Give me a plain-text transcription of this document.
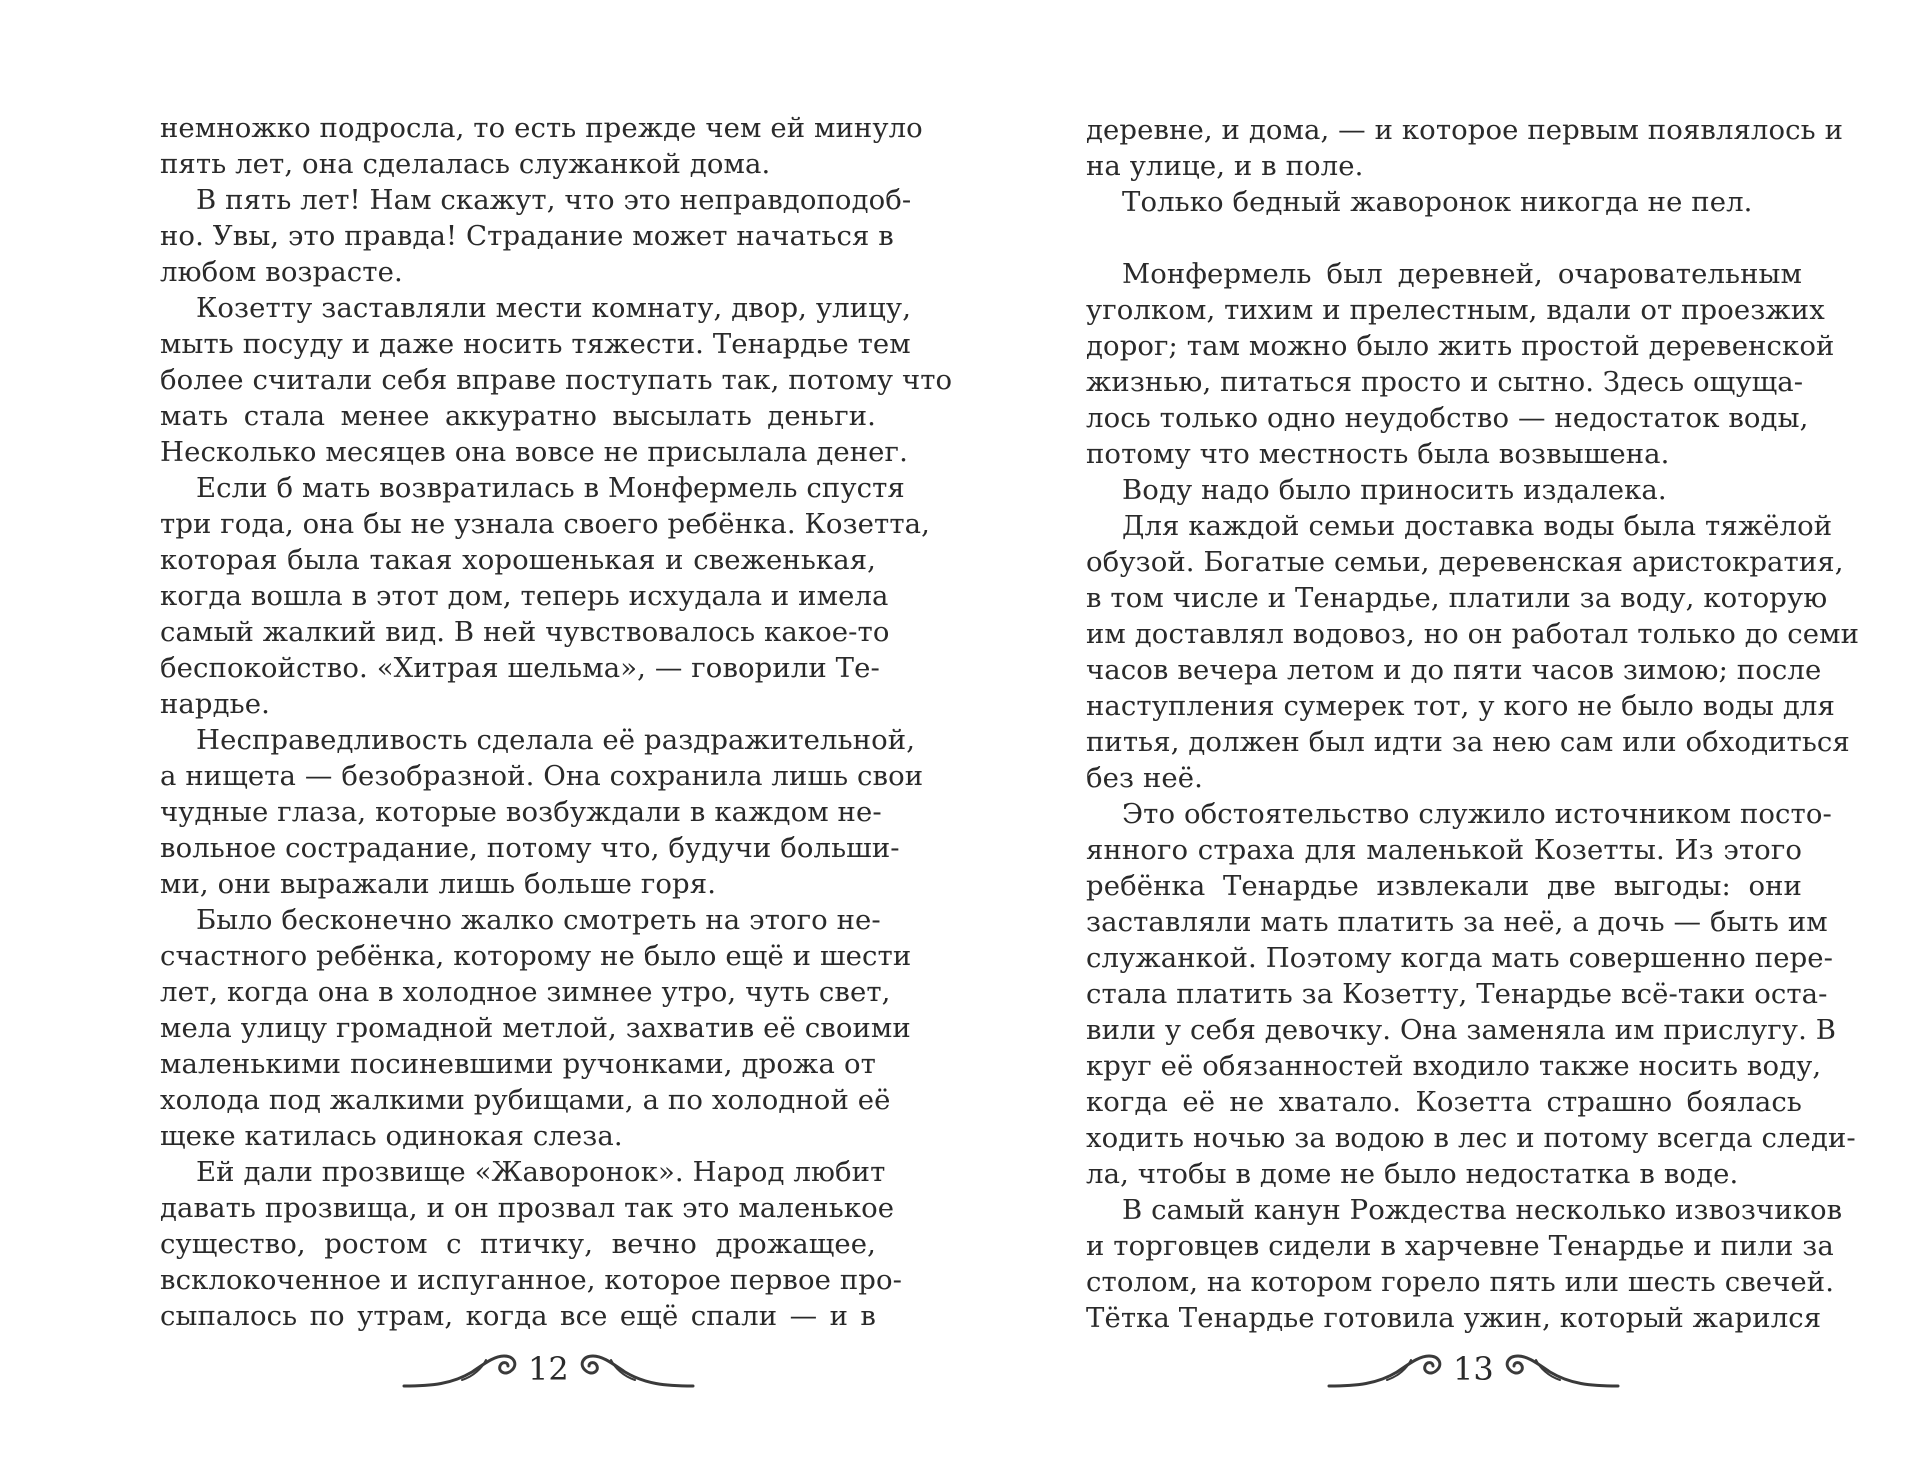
немножко подросла, то есть прежде чем ей минуло
пять лет, она сделалась служанкой дома.
В пять лет! Нам скажут, что это неправдоподоб-
но. Увы, это правда! Страдание может начаться в
любом возрасте.
Козетту заставляли мести комнату, двор, улицу,
мыть посуду и даже носить тяжести. Тенардье тем
более считали себя вправе поступать так, потому что
мать стала менее аккуратно высылать деньги.
Несколько месяцев она вовсе не присылала денег.
Если б мать возвратилась в Монфермель спустя
три года, она бы не узнала своего ребёнка. Козетта,
которая была такая хорошенькая и свеженькая,
когда вошла в этот дом, теперь исхудала и имела
самый жалкий вид. В ней чувствовалось какое-то
беспокойство. «Хитрая шельма», — говорили Те-
нардье.
Несправедливость сделала её раздражительной,
а нищета — безобразной. Она сохранила лишь свои
чудные глаза, которые возбуждали в каждом не-
вольное сострадание, потому что, будучи больши-
ми, они выражали лишь больше горя.
Было бесконечно жалко смотреть на этого не-
счастного ребёнка, которому не было ещё и шести
лет, когда она в холодное зимнее утро, чуть свет,
мела улицу громадной метлой, захватив её своими
маленькими посиневшими ручонками, дрожа от
холода под жалкими рубищами, а по холодной её
щеке катилась одинокая слеза.
Ей дали прозвище «Жаворонок». Народ любит
давать прозвища, и он прозвал так это маленькое
существо, ростом с птичку, вечно дрожащее,
всклокоченное и испуганное, которое первое про-
сыпалось по утрам, когда все ещё спали — и в
деревне, и дома, — и которое первым появлялось и
на улице, и в поле.
Только бедный жаворонок никогда не пел.
Монфермель был деревней, очаровательным
уголком, тихим и прелестным, вдали от проезжих
дорог; там можно было жить простой деревенской
жизнью, питаться просто и сытно. Здесь ощуща-
лось только одно неудобство — недостаток воды,
потому что местность была возвышена.
Воду надо было приносить издалека.
Для каждой семьи доставка воды была тяжёлой
обузой. Богатые семьи, деревенская аристократия,
в том числе и Тенардье, платили за воду, которую
им доставлял водовоз, но он работал только до семи
часов вечера летом и до пяти часов зимою; после
наступления сумерек тот, у кого не было воды для
питья, должен был идти за нею сам или обходиться
без неё.
Это обстоятельство служило источником посто-
янного страха для маленькой Козетты. Из этого
ребёнка Тенардье извлекали две выгоды: они
заставляли мать платить за неё, а дочь — быть им
служанкой. Поэтому когда мать совершенно пере-
стала платить за Козетту, Тенардье всё-таки оста-
вили у себя девочку. Она заменяла им прислугу. В
круг её обязанностей входило также носить воду,
когда её не хватало. Козетта страшно боялась
ходить ночью за водою в лес и потому всегда следи-
ла, чтобы в доме не было недостатка в воде.
В самый канун Рождества несколько извозчиков
и торговцев сидели в харчевне Тенардье и пили за
столом, на котором горело пять или шесть свечей.
Тётка Тенардье готовила ужин, который жарился
12	13
